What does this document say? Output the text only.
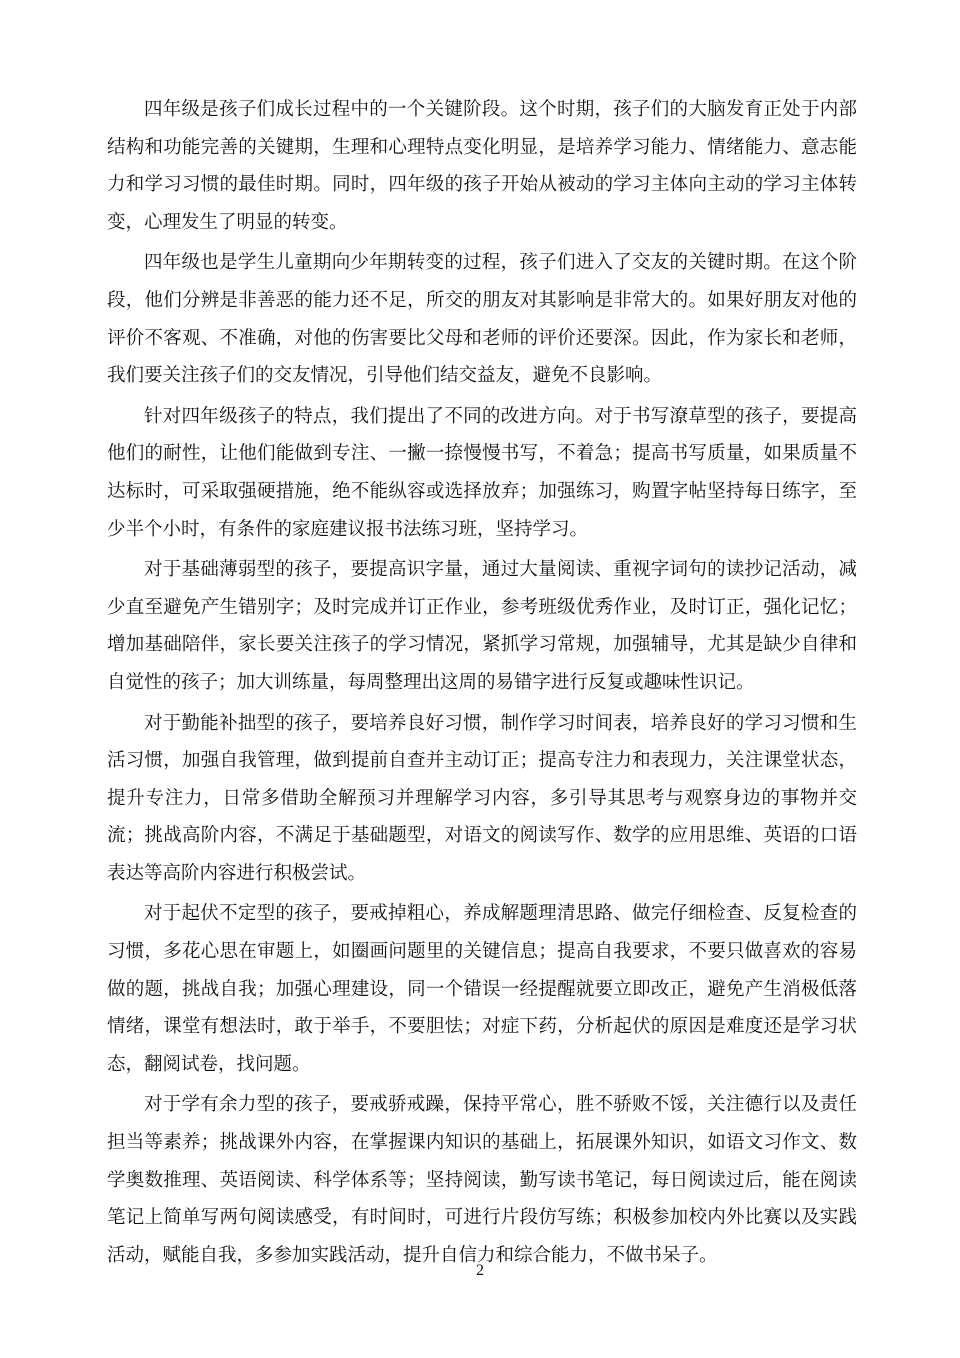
四年级是孩子们成长过程中的一个关键阶段。这个时期，孩子们的大脑发育正处于内部结构和功能完善的关键期，生理和心理特点变化明显，是培养学习能力、情绪能力、意志能力和学习习惯的最佳时期。同时，四年级的孩子开始从被动的学习主体向主动的学习主体转变，心理发生了明显的转变。

四年级也是学生儿童期向少年期转变的过程，孩子们进入了交友的关键时期。在这个阶段，他们分辨是非善恶的能力还不足，所交的朋友对其影响是非常大的。如果好朋友对他的评价不客观、不准确，对他的伤害要比父母和老师的评价还要深。因此，作为家长和老师，我们要关注孩子们的交友情况，引导他们结交益友，避免不良影响。

针对四年级孩子的特点，我们提出了不同的改进方向。对于书写潦草型的孩子，要提高他们的耐性，让他们能做到专注、一撇一捺慢慢书写，不着急；提高书写质量，如果质量不达标时，可采取强硬措施，绝不能纵容或选择放弃；加强练习，购置字帖坚持每日练字，至少半个小时，有条件的家庭建议报书法练习班，坚持学习。

对于基础薄弱型的孩子，要提高识字量，通过大量阅读、重视字词句的读抄记活动，减少直至避免产生错别字；及时完成并订正作业，参考班级优秀作业，及时订正，强化记忆；增加基础陪伴，家长要关注孩子的学习情况，紧抓学习常规，加强辅导，尤其是缺少自律和自觉性的孩子；加大训练量，每周整理出这周的易错字进行反复或趣味性识记。

对于勤能补拙型的孩子，要培养良好习惯，制作学习时间表，培养良好的学习习惯和生活习惯，加强自我管理，做到提前自查并主动订正；提高专注力和表现力，关注课堂状态，提升专注力，日常多借助全解预习并理解学习内容，多引导其思考与观察身边的事物并交流；挑战高阶内容，不满足于基础题型，对语文的阅读写作、数学的应用思维、英语的口语表达等高阶内容进行积极尝试。

对于起伏不定型的孩子，要戒掉粗心，养成解题理清思路、做完仔细检查、反复检查的习惯，多花心思在审题上，如圈画问题里的关键信息；提高自我要求，不要只做喜欢的容易做的题，挑战自我；加强心理建设，同一个错误一经提醒就要立即改正，避免产生消极低落情绪，课堂有想法时，敢于举手，不要胆怯；对症下药，分析起伏的原因是难度还是学习状态，翻阅试卷，找问题。

对于学有余力型的孩子，要戒骄戒躁，保持平常心，胜不骄败不馁，关注德行以及责任担当等素养；挑战课外内容，在掌握课内知识的基础上，拓展课外知识，如语文习作文、数学奥数推理、英语阅读、科学体系等；坚持阅读，勤写读书笔记，每日阅读过后，能在阅读笔记上简单写两句阅读感受，有时间时，可进行片段仿写练；积极参加校内外比赛以及实践活动，赋能自我，多参加实践活动，提升自信力和综合能力，不做书呆子。

2
